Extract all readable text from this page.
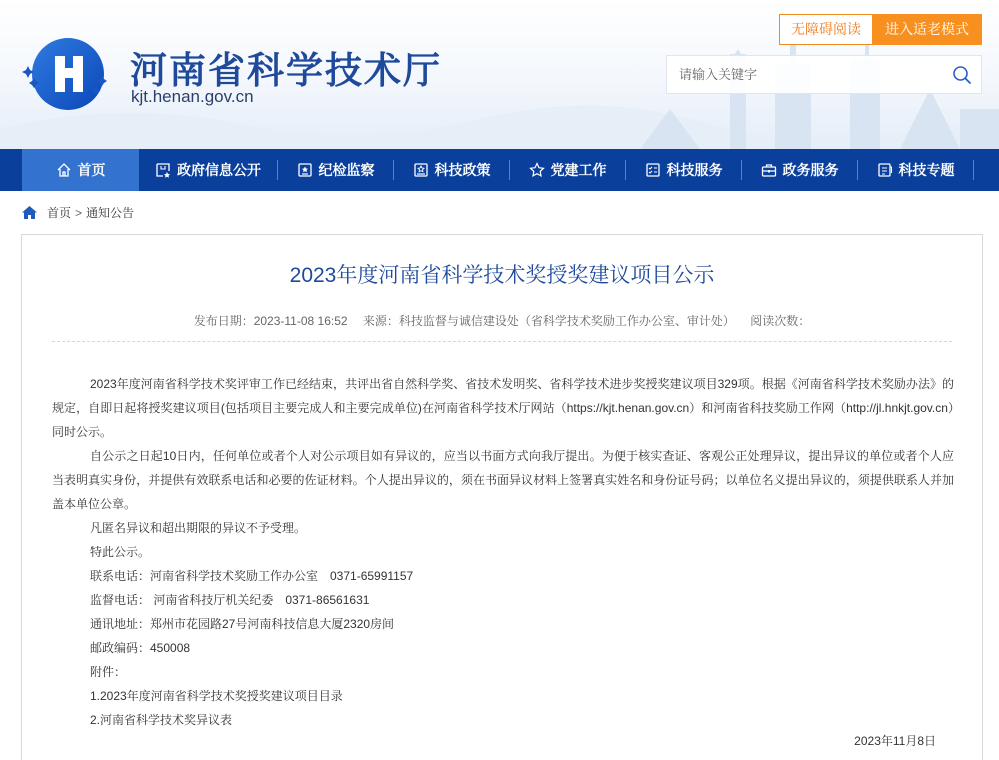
河南省科学技术厅
kjt.henan.gov.cn
无障碍阅读	进入适老模式
请输入关键字
首页	政府信息公开	纪检监察	科技政策	党建工作	科技服务	政务服务	科技专题
首页 > 通知公告
2023年度河南省科学技术奖授奖建议项目公示
发布日期：2023-11-08 16:52 来源：科技监督与诚信建设处（省科学技术奖励工作办公室、审计处） 阅读次数：

2023年度河南省科学技术奖评审工作已经结束，共评出省自然科学奖、省技术发明奖、省科学技术进步奖授奖建议项目329项。根据《河南省科学技术奖励办法》的规定，自即日起将授奖建议项目(包括项目主要完成人和主要完成单位)在河南省科学技术厅网站（https://kjt.henan.gov.cn）和河南省科技奖励工作网（http://jl.hnkjt.gov.cn）同时公示。

自公示之日起10日内，任何单位或者个人对公示项目如有异议的，应当以书面方式向我厅提出。为便于核实查证、客观公正处理异议，提出异议的单位或者个人应当表明真实身份，并提供有效联系电话和必要的佐证材料。个人提出异议的，须在书面异议材料上签署真实姓名和身份证号码；以单位名义提出异议的，须提供联系人并加盖本单位公章。

凡匿名异议和超出期限的异议不予受理。

特此公示。

联系电话：河南省科学技术奖励工作办公室　0371-65991157

监督电话： 河南省科技厅机关纪委　0371-86561631

通讯地址：郑州市花园路27号河南科技信息大厦2320房间

邮政编码：450008

附件：

1.2023年度河南省科学技术奖授奖建议项目目录

2.河南省科学技术奖异议表

2023年11月8日
